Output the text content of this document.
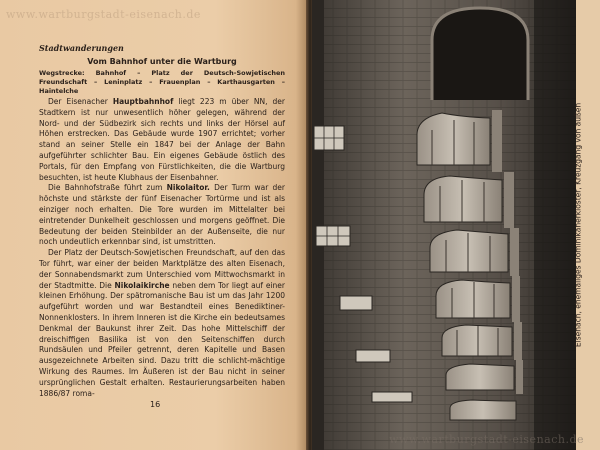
www.wartburgstadt-eisenach.de

Stadtwanderungen

Vom Bahnhof unter die Wartburg

Wegstrecke: Bahnhof – Platz der Deutsch-Sowjetischen Freundschaft – Leninplatz – Frauenplan – Karthausgarten – Haintelche

Der Eisenacher Hauptbahnhof liegt 223 m über NN, der Stadtkern ist nur unwesentlich höher gelegen, während der Nord- und der Südbezirk sich rechts und links der Hörsel auf Höhen erstrecken. Das Gebäude wurde 1907 errichtet; vorher stand an seiner Stelle ein 1847 bei der Anlage der Bahn aufgeführter schlichter Bau. Ein eigenes Gebäude östlich des Portals, für den Empfang von Fürstlichkeiten, die die Wartburg besuchten, ist heute Klubhaus der Eisenbahner.

Die Bahnhofstraße führt zum Nikolaitor. Der Turm war der höchste und stärkste der fünf Eisenacher Tortürme und ist als einziger noch erhalten. Die Tore wurden im Mittelalter bei eintretender Dunkelheit geschlossen und morgens geöffnet. Die Bedeutung der beiden Steinbilder an der Außenseite, die nur noch undeutlich erkennbar sind, ist umstritten.

Der Platz der Deutsch-Sowjetischen Freundschaft, auf den das Tor führt, war einer der beiden Marktplätze des alten Eisenach, der Sonnabendsmarkt zum Unterschied vom Mittwochsmarkt in der Stadtmitte. Die Nikolaikirche neben dem Tor liegt auf einer kleinen Erhöhung. Der spätromanische Bau ist um das Jahr 1200 aufgeführt worden und war Bestandteil eines Benediktiner-Nonnenklosters. In ihrem Inneren ist die Kirche ein bedeutsames Denkmal der Baukunst ihrer Zeit. Das hohe Mittelschiff der dreischiffigen Basilika ist von den Seitenschiffen durch Rundsäulen und Pfeiler getrennt, deren Kapitelle und Basen ausgezeichnete Arbeiten sind. Dazu tritt die schlicht-mächtige Wirkung des Raumes. Im Äußeren ist der Bau nicht in seiner ursprünglichen Gestalt erhalten. Restaurierungsarbeiten haben 1886/87 roma-

16
www.wartburgstadt-eisenach.de
Eisenach, ehemaliges Dominikanerkloster, Kreuzgang von außen
